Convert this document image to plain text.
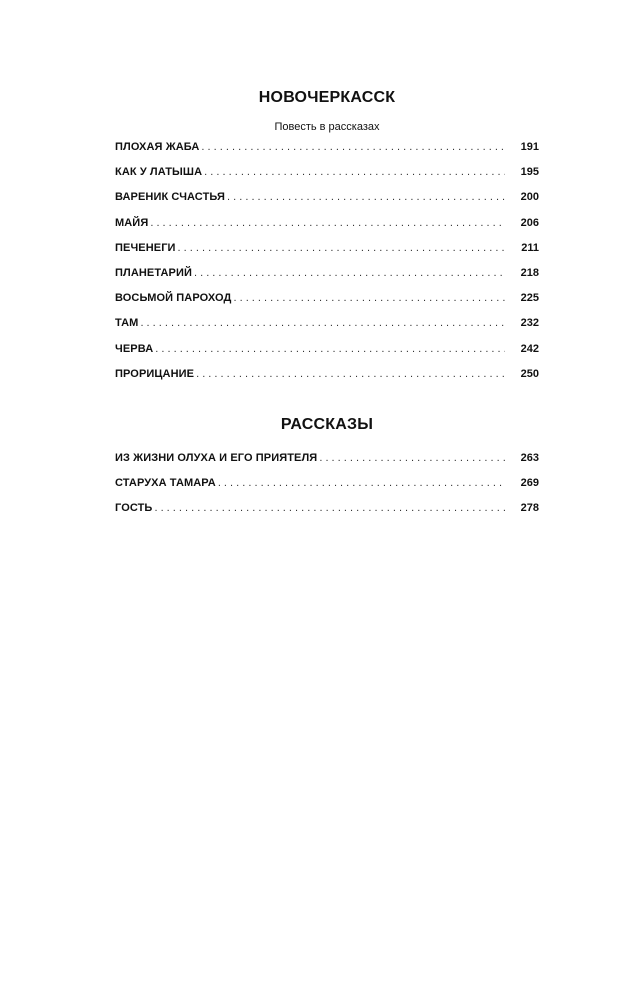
НОВОЧЕРКАССК
Повесть в рассказах
ПЛОХАЯ ЖАБА . . .	191
КАК У ЛАТЫША . . .	195
ВАРЕНИК СЧАСТЬЯ . . .	200
МАЙЯ . . .	206
ПЕЧЕНЕГИ . . .	211
ПЛАНЕТАРИЙ . . .	218
ВОСЬМОЙ ПАРОХОД . . .	225
ТАМ . . .	232
ЧЕРВА . . .	242
ПРОРИЦАНИЕ . . .	250
РАССКАЗЫ
ИЗ ЖИЗНИ ОЛУХА И ЕГО ПРИЯТЕЛЯ . . .	263
СТАРУХА ТАМАРА . . .	269
ГОСТЬ . . .	278
